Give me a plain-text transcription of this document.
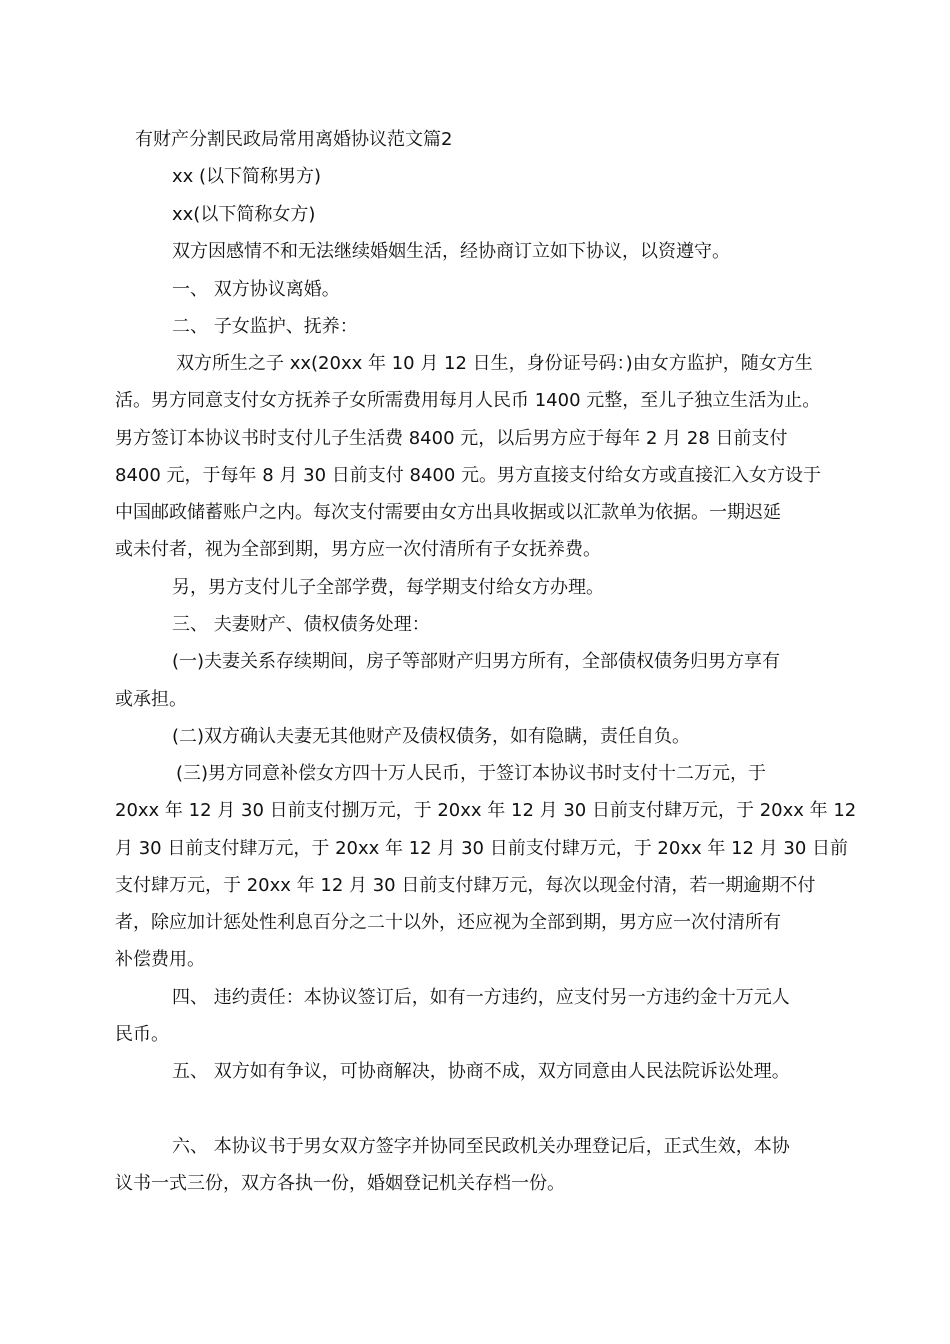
有财产分割民政局常用离婚协议范文篇2
xx (以下简称男方)
xx(以下简称女方)
双方因感情不和无法继续婚姻生活，经协商订立如下协议，以资遵守。
一、 双方协议离婚。
二、 子女监护、抚养：
双方所生之子 xx(20xx 年 10 月 12 日生，身份证号码：)由女方监护，随女方生
活。男方同意支付女方抚养子女所需费用每月人民币 1400 元整，至儿子独立生活为止。
男方签订本协议书时支付儿子生活费 8400 元，以后男方应于每年 2 月 28 日前支付
8400 元，于每年 8 月 30 日前支付 8400 元。男方直接支付给女方或直接汇入女方设于
中国邮政储蓄账户之内。每次支付需要由女方出具收据或以汇款单为依据。一期迟延
或未付者，视为全部到期，男方应一次付清所有子女抚养费。
另，男方支付儿子全部学费，每学期支付给女方办理。
三、 夫妻财产、债权债务处理：
(一)夫妻关系存续期间，房子等部财产归男方所有，全部债权债务归男方享有
或承担。
(二)双方确认夫妻无其他财产及债权债务，如有隐瞒，责任自负。
(三)男方同意补偿女方四十万人民币，于签订本协议书时支付十二万元，于
20xx 年 12 月 30 日前支付捌万元，于 20xx 年 12 月 30 日前支付肆万元，于 20xx 年 12
月 30 日前支付肆万元，于 20xx 年 12 月 30 日前支付肆万元，于 20xx 年 12 月 30 日前
支付肆万元，于 20xx 年 12 月 30 日前支付肆万元，每次以现金付清，若一期逾期不付
者，除应加计惩处性利息百分之二十以外，还应视为全部到期，男方应一次付清所有
补偿费用。
四、 违约责任：本协议签订后，如有一方违约，应支付另一方违约金十万元人
民币。
五、 双方如有争议，可协商解决，协商不成，双方同意由人民法院诉讼处理。
六、 本协议书于男女双方签字并协同至民政机关办理登记后，正式生效，本协
议书一式三份，双方各执一份，婚姻登记机关存档一份。
